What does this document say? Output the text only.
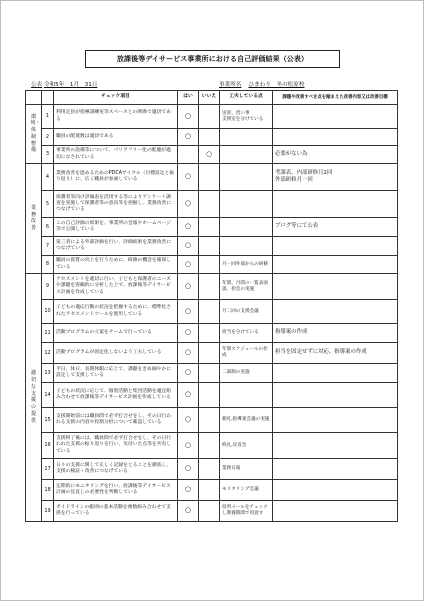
放課後等デイサービス事業所における自己評価結果（公表）
公表 令和5年　1月　31日	事業所名 ひまわり　冬の松原校
		チェック項目	はい	いいえ	工夫している点	課題や改善すべき点を踏まえた改善内容又は改善目標
環境・体制整備	1	利用定員が指導訓練室等スペースとの関係で適切である	○		送迎、習い事
支援室を分けている	
	2	職員の配置数は適切である	○			
	3	事業所の設備等について、バリアフリー化の配慮が適切になされている		○		必要がない為
業務改善	4	業務改善を進めるためのPDCAサイクル（目標設定と振り返り）に、広く職員が参画している	○			考課表、内部研修月2回
外部研修月一回
	5	保護者等向け評価表を活用する等によりアンケート調査を実施して保護者等の意向等を把握し、業務改善につなげている	○			
	6	この自己評価の結果を、事業所の会報やホームページ等で公開している	○			ブログ等にて公表
	7	第三者による外部評価を行い、評価結果を業務改善につなげている	○			
	8	職員の資質の向上を行うために、研修の機会を確保している	○		月一回外部からの研修	
適切な支援の提供	9	アセスメントを適切に行い、子どもと保護者のニーズや課題を客観的に分析した上で、放課後等デイサービス計画を作成している	○		年間、月間の一覧表面談、担会の実施	
	10	子どもの適応行動の状況を把握するために、標準化されたアセスメントツールを使用している	○		月二回の支援会議	
	11	活動プログラムの立案をチームで行っている	○		担当を分けている	指導案の作成
	12	活動プログラムが固定化しないよう工夫している	○		年間スケジュールの作成	担当を固定せずに対応、指導案の作成
	13	平日、休日、長期休暇に応じて、課題をきめ細やかに設定して支援している	○		二部制の実施	
	14	子どもの状況に応じて、個別活動と集団活動を適宜組み合わせて放課後等デイサービス計画を作成している	○			
	15	支援開始前には職員間で必ず打合せをし、その日行われる支援の内容や役割分担について確認している	○		朝礼,指導案会議の実施	
	16	支援終了後には、職員間で必ず打合せをし、その日行われた支援の振り返りを行い、気付いた点等を共有している	○		終礼,反省会	
	17	日々の支援に関して正しく記録をとることを徹底し、支援の検証・改善につなげている	○		業務日報	
	18	定期的にモニタリングを行い、放課後等デイサービス計画の見直しの必要性を判断している	○		モリタリング会議	
	19	ガイドラインの総則の基本活動を複数組み合わせて支援を行っている	○		役所メールをチェックし教養期間で用意す	
